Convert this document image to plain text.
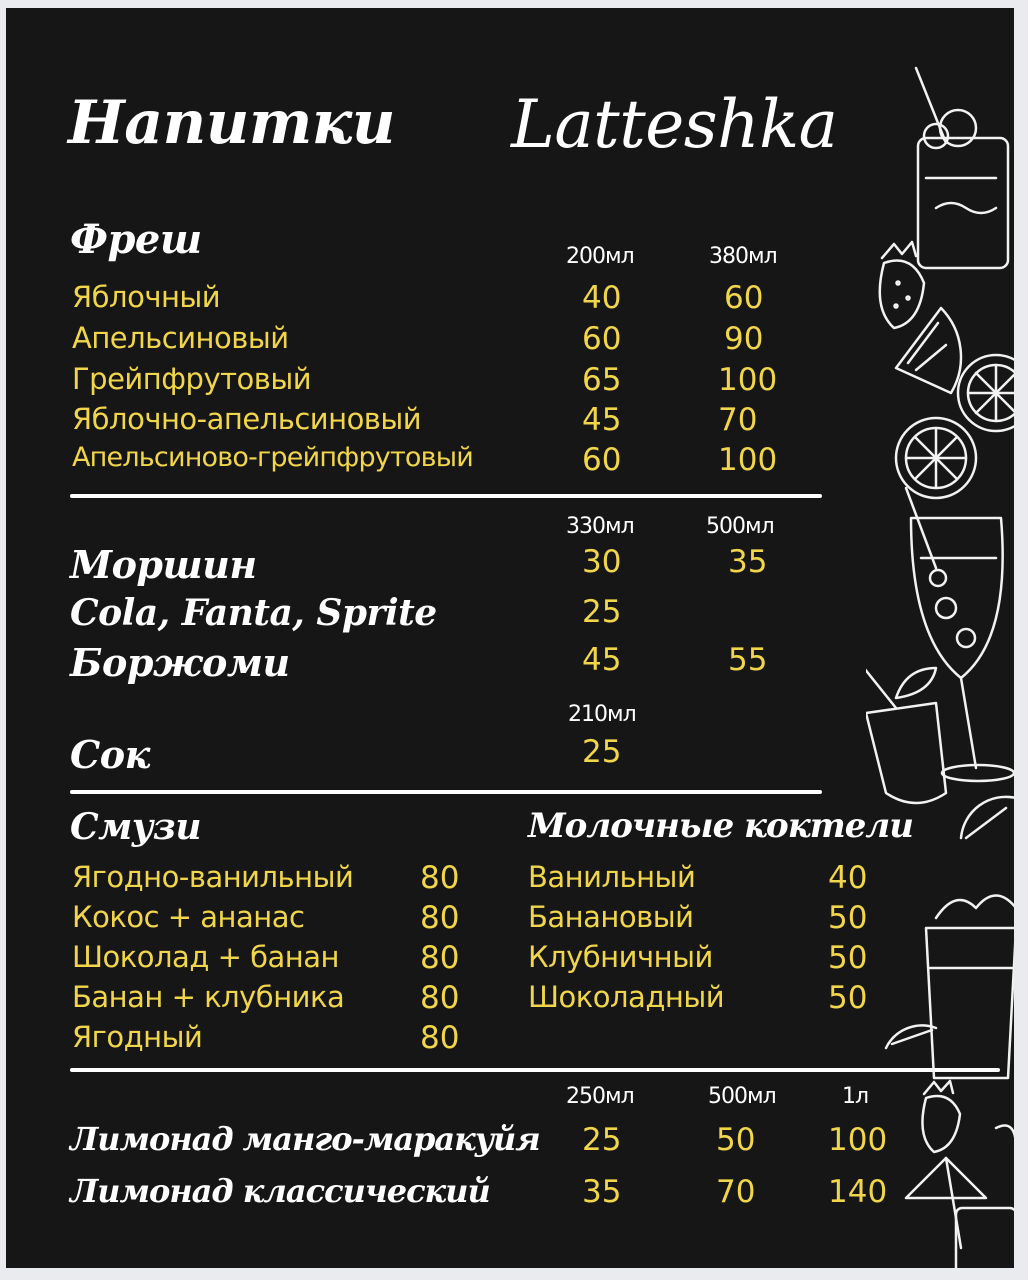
Напитки Latteshka
Фреш	200мл	380мл
Яблочный	40	60
Апельсиновый	60	90
Грейпфрутовый	65	100
Яблочно-апельсиновый	45	70
Апельсиново-грейпфрутовый	60	100
330мл	500мл
Моршин	30	35
Cola, Fanta, Sprite	25
Боржоми	45	55
210мл
Сок	25
Смузи
Ягодно-ванильный 80
Кокос + ананас	80
Шоколад + банан	80
Банан + клубника 80
Ягодный	80
Молочные коктели
Ванильный	40
Банановый	50
Клубничный	50
Шоколадный	50
250мл	500мл	1л
Лимонад манго-маракуйя 25	50 100
Лимонад классический	35	70 140
